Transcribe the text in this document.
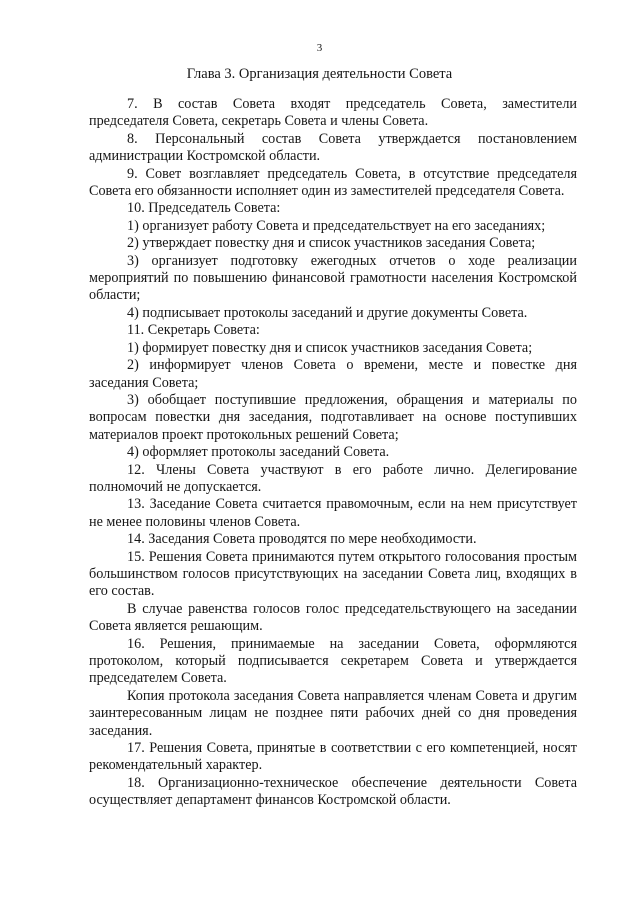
3
Глава 3. Организация деятельности Совета

7. В состав Совета входят председатель Совета, заместители председателя Совета, секретарь Совета и члены Совета.

8. Персональный состав Совета утверждается постановлением администрации Костромской области.

9. Совет возглавляет председатель Совета, в отсутствие председателя Совета его обязанности исполняет один из заместителей председателя Совета.

10. Председатель Совета:

1) организует работу Совета и председательствует на его заседаниях;

2) утверждает повестку дня и список участников заседания Совета;

3) организует подготовку ежегодных отчетов о ходе реализации мероприятий по повышению финансовой грамотности населения Костромской области;

4) подписывает протоколы заседаний и другие документы Совета.

11. Секретарь Совета:

1) формирует повестку дня и список участников заседания Совета;

2) информирует членов Совета о времени, месте и повестке дня заседания Совета;

3) обобщает поступившие предложения, обращения и материалы по вопросам повестки дня заседания, подготавливает на основе поступивших материалов проект протокольных решений Совета;

4) оформляет протоколы заседаний Совета.

12. Члены Совета участвуют в его работе лично. Делегирование полномочий не допускается.

13. Заседание Совета считается правомочным, если на нем присутствует не менее половины членов Совета.

14. Заседания Совета проводятся по мере необходимости.

15. Решения Совета принимаются путем открытого голосования простым большинством голосов присутствующих на заседании Совета лиц, входящих в его состав.

В случае равенства голосов голос председательствующего на заседании Совета является решающим.

16. Решения, принимаемые на заседании Совета, оформляются протоколом, который подписывается секретарем Совета и утверждается председателем Совета.

Копия протокола заседания Совета направляется членам Совета и другим заинтересованным лицам не позднее пяти рабочих дней со дня проведения заседания.

17. Решения Совета, принятые в соответствии с его компетенцией, носят рекомендательный характер.

18. Организационно-техническое обеспечение деятельности Совета осуществляет департамент финансов Костромской области.
